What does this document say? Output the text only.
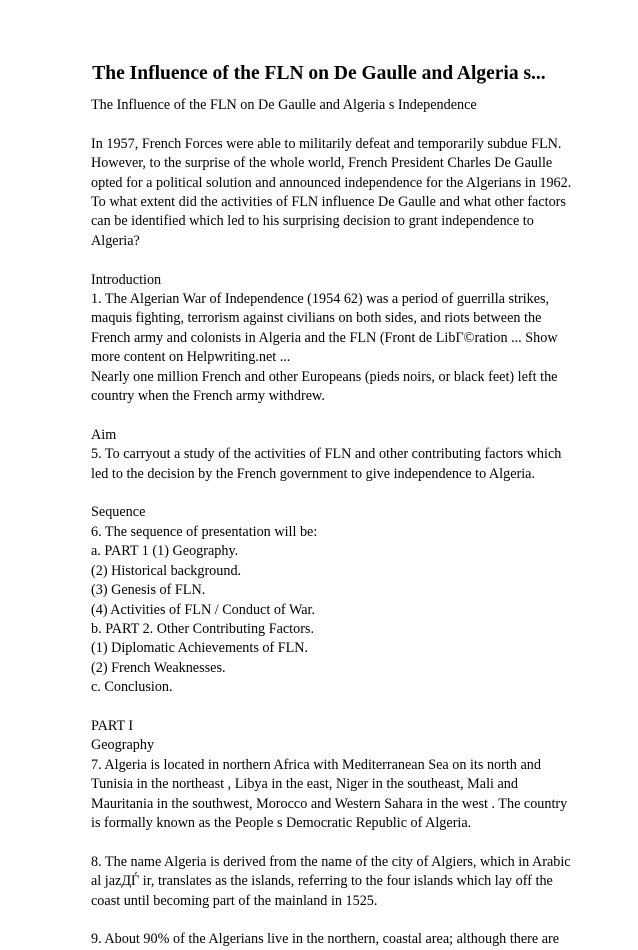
The Influence of the FLN on De Gaulle and Algeria s...
The Influence of the FLN on De Gaulle and Algeria s Independence
In 1957, French Forces were able to militarily defeat and temporarily subdue FLN.
However, to the surprise of the whole world, French President Charles De Gaulle
opted for a political solution and announced independence for the Algerians in 1962.
To what extent did the activities of FLN influence De Gaulle and what other factors
can be identified which led to his surprising decision to grant independence to
Algeria?
Introduction
1. The Algerian War of Independence (1954 62) was a period of guerrilla strikes,
maquis fighting, terrorism against civilians on both sides, and riots between the
French army and colonists in Algeria and the FLN (Front de LibΓ©ration ... Show
more content on Helpwriting.net ...
Nearly one million French and other Europeans (pieds noirs, or black feet) left the
country when the French army withdrew.
Aim
5. To carryout a study of the activities of FLN and other contributing factors which
led to the decision by the French government to give independence to Algeria.
Sequence
6. The sequence of presentation will be:
a. PART 1 (1) Geography.
(2) Historical background.
(3) Genesis of FLN.
(4) Activities of FLN / Conduct of War.
b. PART 2. Other Contributing Factors.
(1) Diplomatic Achievements of FLN.
(2) French Weaknesses.
c. Conclusion.
PART I
Geography
7. Algeria is located in northern Africa with Mediterranean Sea on its north and
Tunisia in the northeast , Libya in the east, Niger in the southeast, Mali and
Mauritania in the southwest, Morocco and Western Sahara in the west . The country
is formally known as the People s Democratic Republic of Algeria.
8. The name Algeria is derived from the name of the city of Algiers, which in Arabic
al jazДЃ ir, translates as the islands, referring to the four islands which lay off the
coast until becoming part of the mainland in 1525.
9. About 90% of the Algerians live in the northern, coastal area; although there are
